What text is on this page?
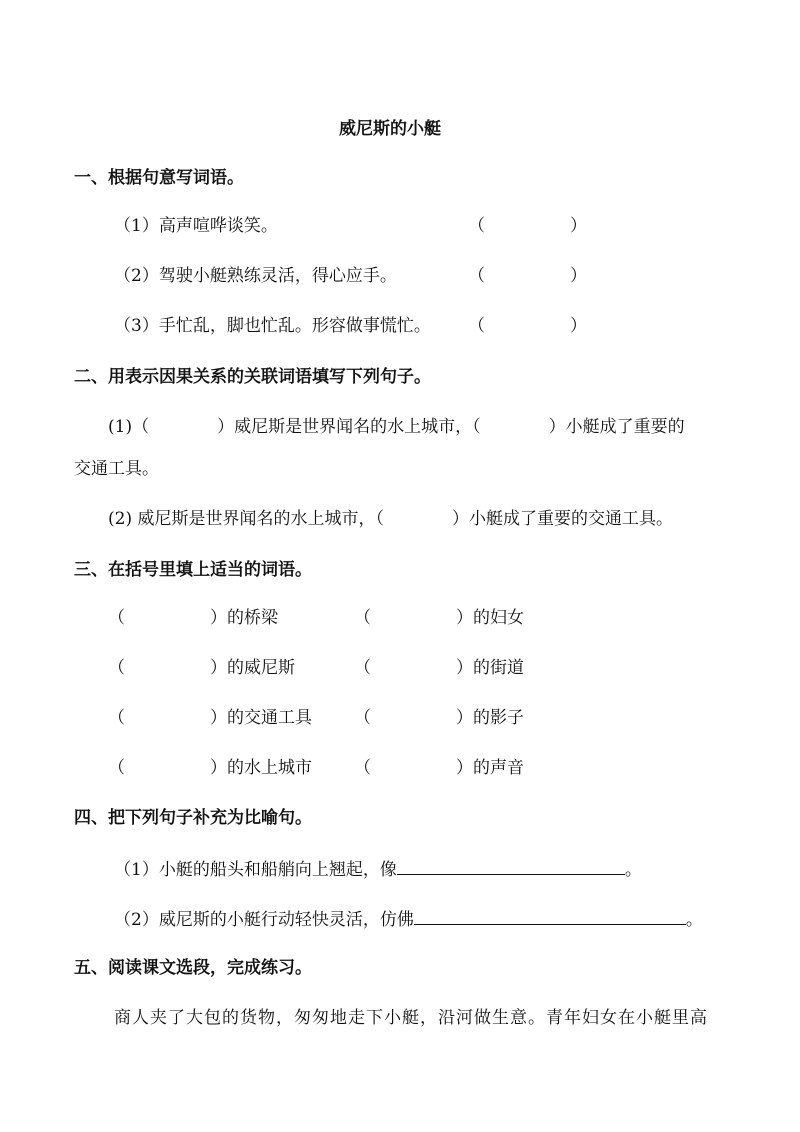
威尼斯的小艇
一、根据句意写词语。
（1）高声喧哗谈笑。	（　　　　　）
（2）驾驶小艇熟练灵活，得心应手。	（　　　　　）
（3）手忙乱，脚也忙乱。形容做事慌忙。 （　　　　　）
二、用表示因果关系的关联词语填写下列句子。
(1)（　　　　）威尼斯是世界闻名的水上城市，（　　　　）小艇成了重要的
交通工具。
(2) 威尼斯是世界闻名的水上城市，（　　　　）小艇成了重要的交通工具。
三、在括号里填上适当的词语。
（　　　　　）的桥梁	（　　　　　）的妇女
（　　　　　）的威尼斯	（　　　　　）的街道
（　　　　　）的交通工具 （　　　　　）的影子
（　　　　　）的水上城市 （　　　　　）的声音
四、把下列句子补充为比喻句。
（1）小艇的船头和船艄向上翘起，像	。
（2）威尼斯的小艇行动轻快灵活，仿佛	。
五、阅读课文选段，完成练习。
商人夹了大包的货物，匆匆地走下小艇，沿河做生意。青年妇女在小艇里高
